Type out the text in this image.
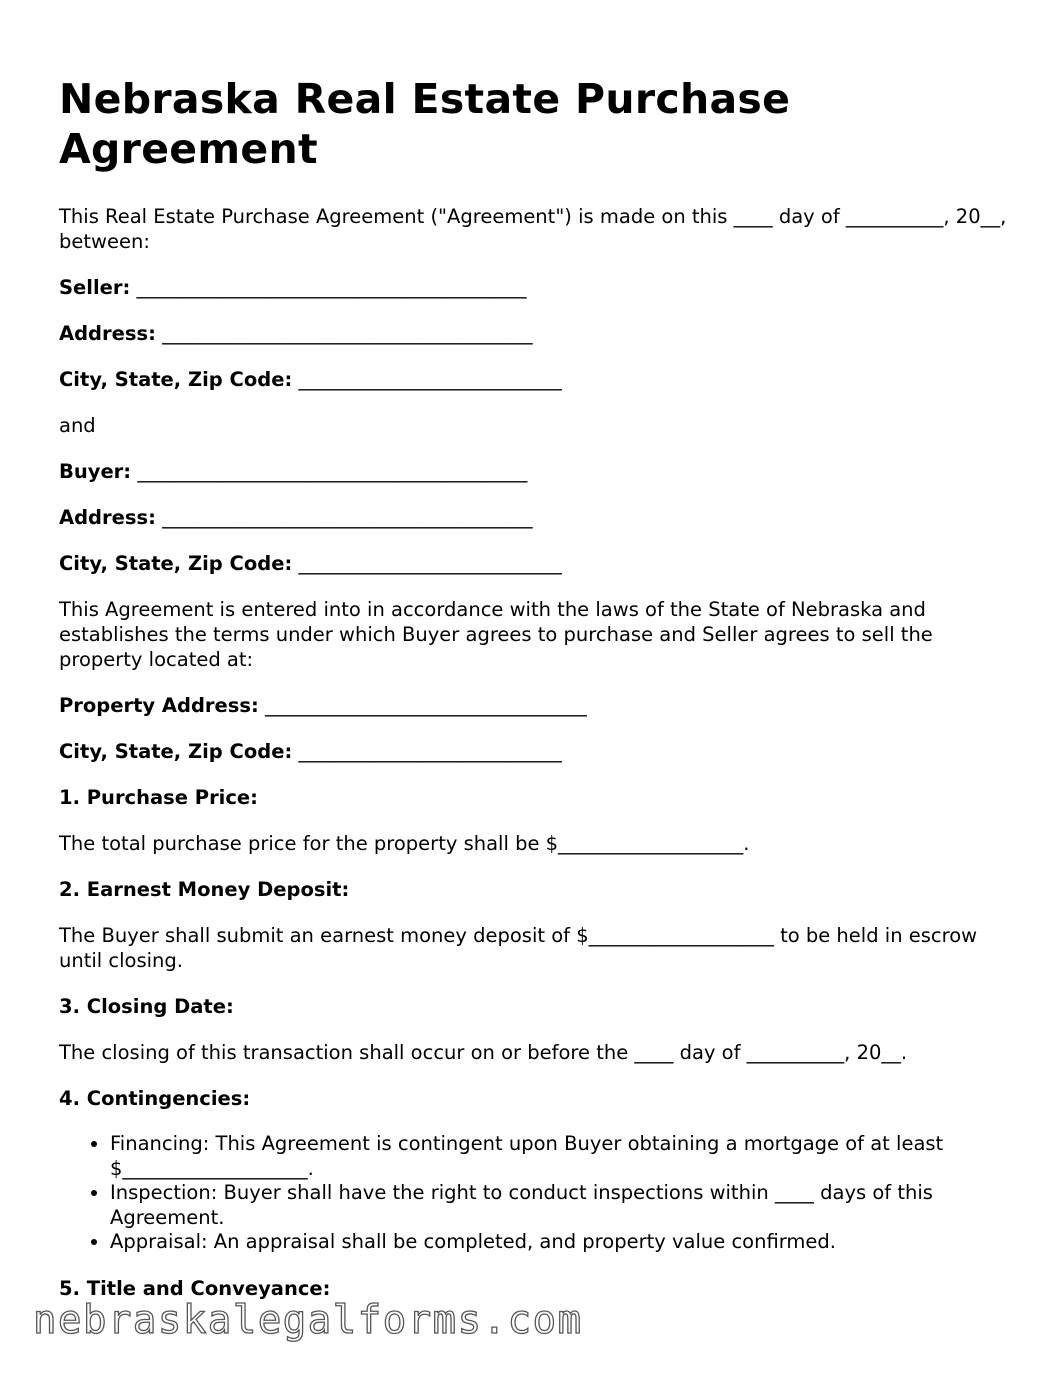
Nebraska Real Estate Purchase Agreement

This Real Estate Purchase Agreement ("Agreement") is made on this ____ day of __________, 20__, between:

Seller: ________________________________________
Address: ______________________________________
City, State, Zip Code: ___________________________

and

Buyer: ________________________________________
Address: ______________________________________
City, State, Zip Code: ___________________________

This Agreement is entered into in accordance with the laws of the State of Nebraska and establishes the terms under which Buyer agrees to purchase and Seller agrees to sell the property located at:

Property Address: _________________________________
City, State, Zip Code: ___________________________
1. Purchase Price:

The total purchase price for the property shall be $___________________.

2. Earnest Money Deposit:

The Buyer shall submit an earnest money deposit of $___________________ to be held in escrow until closing.

3. Closing Date:

The closing of this transaction shall occur on or before the ____ day of __________, 20__.

4. Contingencies:
• Financing: This Agreement is contingent upon Buyer obtaining a mortgage of at least $___________________.
• Inspection: Buyer shall have the right to conduct inspections within ____ days of this Agreement.
• Appraisal: An appraisal shall be completed, and property value confirmed.
5. Title and Conveyance:
nebraskalegalforms.com
